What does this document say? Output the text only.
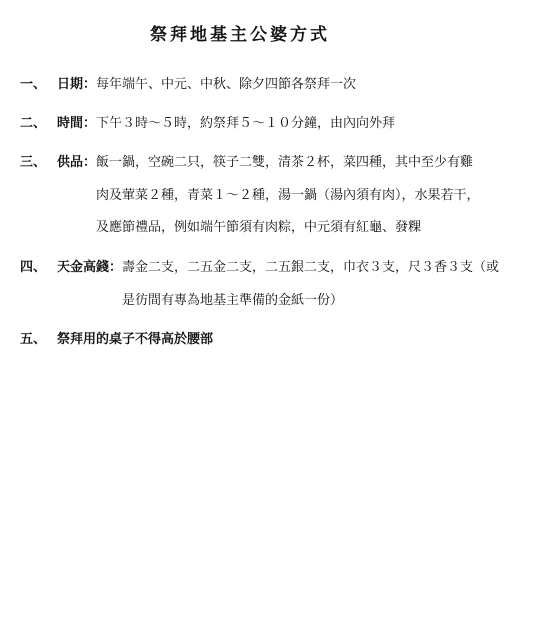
祭拜地基主公婆方式
一、 日期： 每年端午、中元、中秋、除夕四節各祭拜一次
二、 時間： 下午３時～５時，約祭拜５～１０分鐘，由內向外拜
三、 供品： 飯一鍋，空碗二只，筷子二雙，清茶２杯，菜四種，其中至少有雞
肉及葷菜２種，青菜１～２種，湯一鍋（湯內須有肉），水果若干，
及應節禮品，例如端午節須有肉粽，中元須有紅龜、發粿
四、 天金高錢： 壽金二支，二五金二支，二五銀二支，巾衣３支，尺３香３支（或
是彷間有專為地基主準備的金紙一份）
五、 祭拜用的桌子不得高於腰部
